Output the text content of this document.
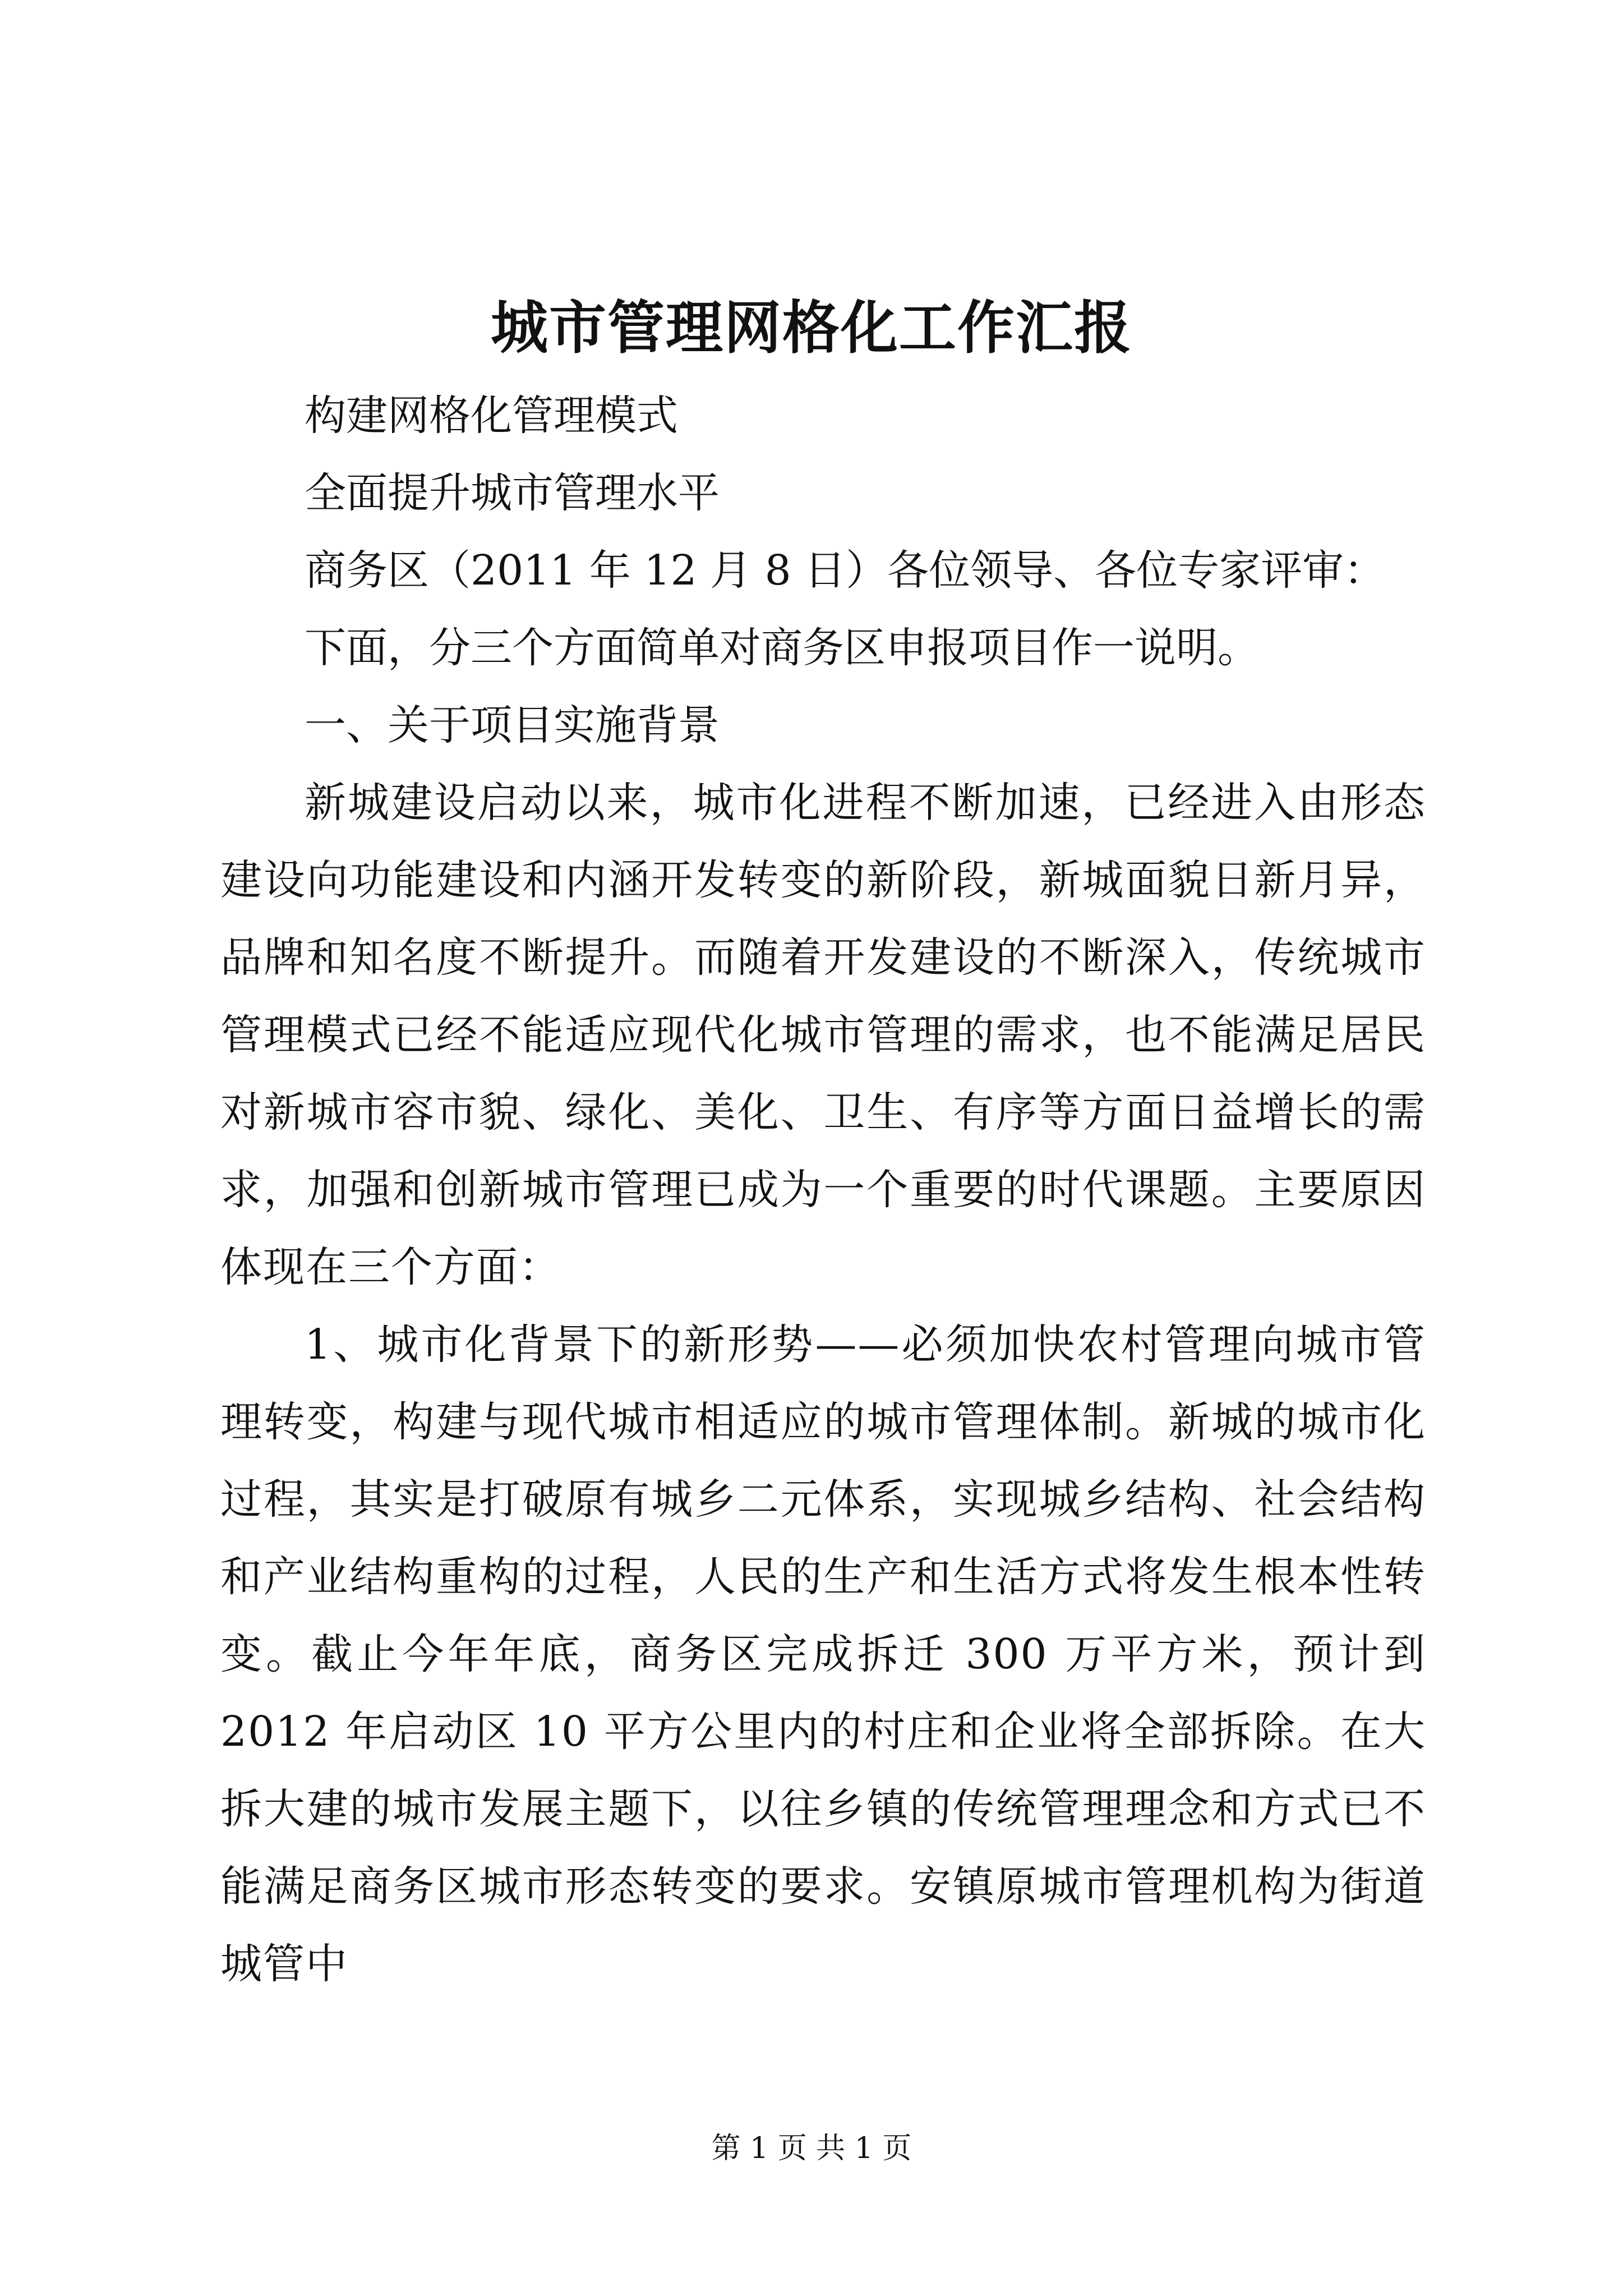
城市管理网格化工作汇报
构建网格化管理模式
全面提升城市管理水平
商务区（2011 年 12 月 8 日）各位领导、各位专家评审：
下面，分三个方面简单对商务区申报项目作一说明。
一、关于项目实施背景

新城建设启动以来，城市化进程不断加速，已经进入由形态建设向功能建设和内涵开发转变的新阶段，新城面貌日新月异，品牌和知名度不断提升。而随着开发建设的不断深入，传统城市管理模式已经不能适应现代化城市管理的需求，也不能满足居民对新城市容市貌、绿化、美化、卫生、有序等方面日益增长的需求，加强和创新城市管理已成为一个重要的时代课题。主要原因体现在三个方面：

1、城市化背景下的新形势——必须加快农村管理向城市管理转变，构建与现代城市相适应的城市管理体制。新城的城市化过程，其实是打破原有城乡二元体系，实现城乡结构、社会结构和产业结构重构的过程，人民的生产和生活方式将发生根本性转变。截止今年年底，商务区完成拆迁 300 万平方米，预计到 2012 年启动区 10 平方公里内的村庄和企业将全部拆除。在大拆大建的城市发展主题下，以往乡镇的传统管理理念和方式已不能满足商务区城市形态转变的要求。安镇原城市管理机构为街道城管中

第 1 页 共 1 页
